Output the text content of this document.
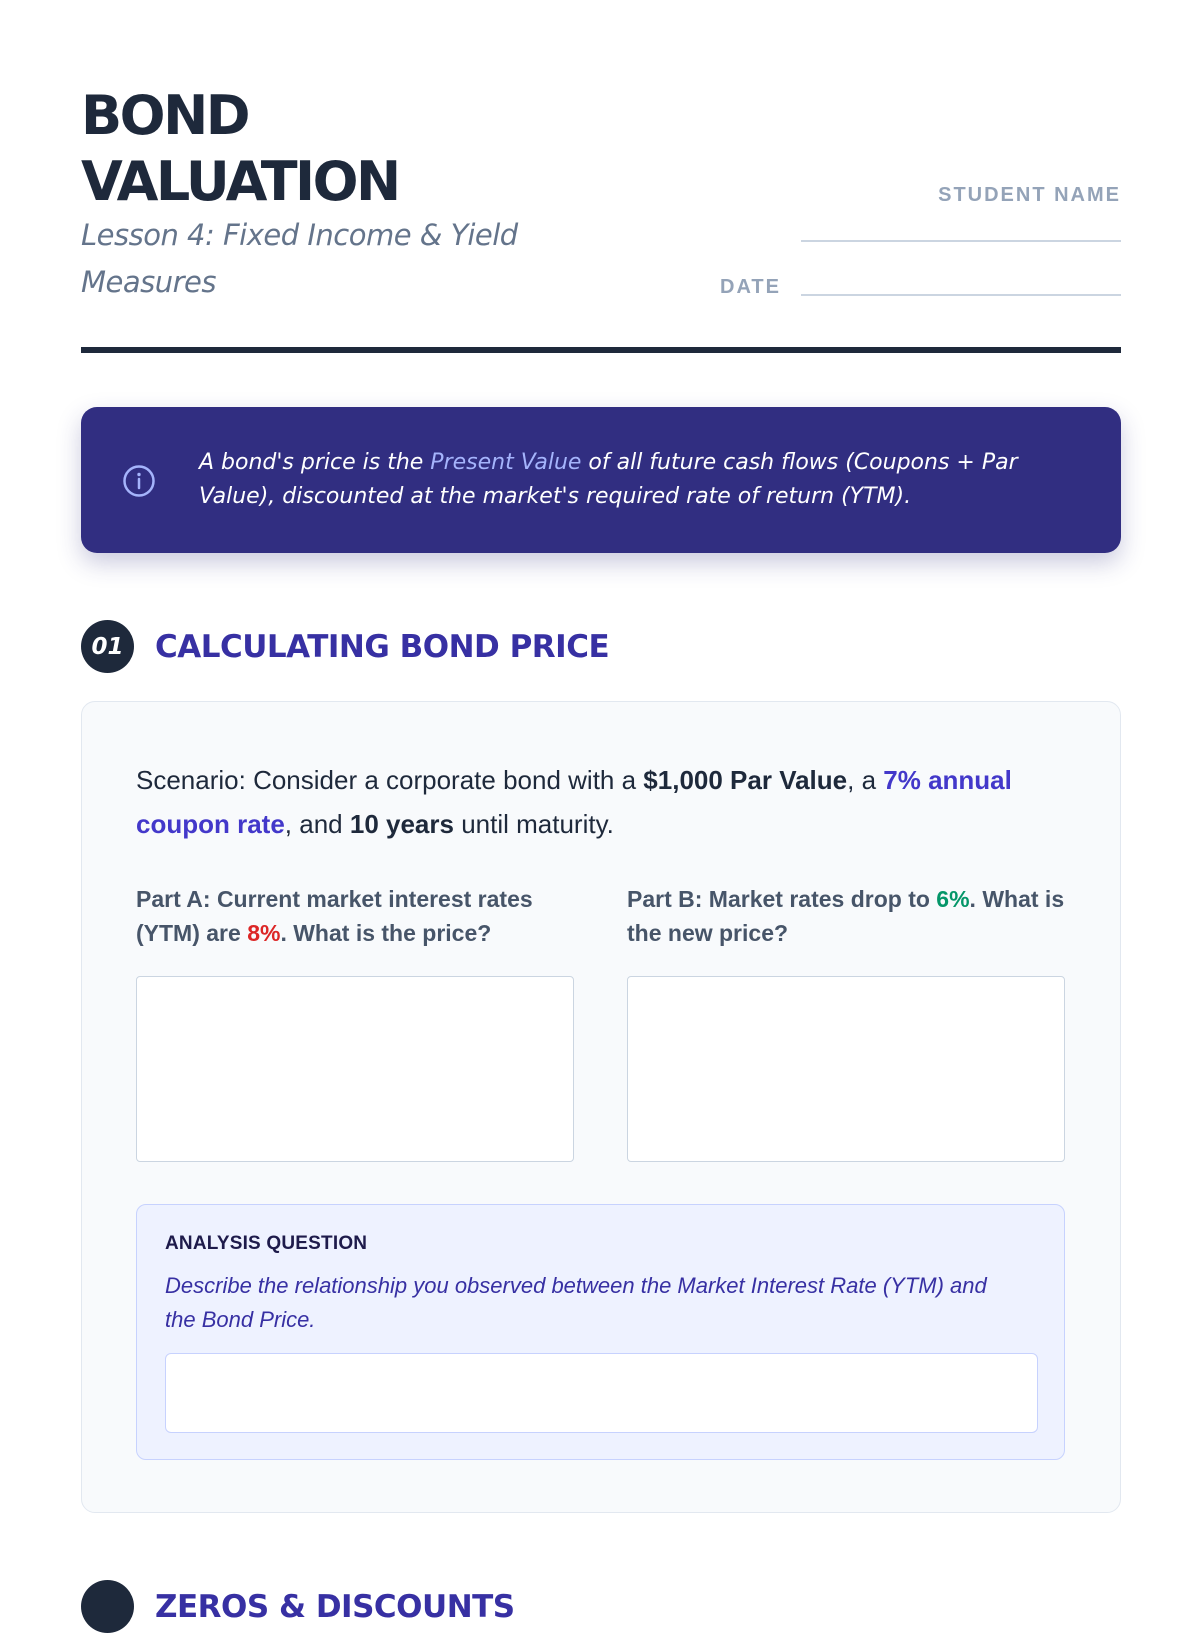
BOND
VALUATION
Lesson 4: Fixed Income & Yield Measures
STUDENT NAME
DATE

A bond's price is the Present Value of all future cash flows (Coupons + Par Value), discounted at the market's required rate of return (YTM).

01	CALCULATING BOND PRICE

Scenario: Consider a corporate bond with a $1,000 Par Value, a 7% annual coupon rate, and 10 years until maturity.

Part A: Current market interest rates (YTM) are 8%. What is the price?

Part B: Market rates drop to 6%. What is the new price?

ANALYSIS QUESTION

Describe the relationship you observed between the Market Interest Rate (YTM) and the Bond Price.

ZEROS & DISCOUNTS
